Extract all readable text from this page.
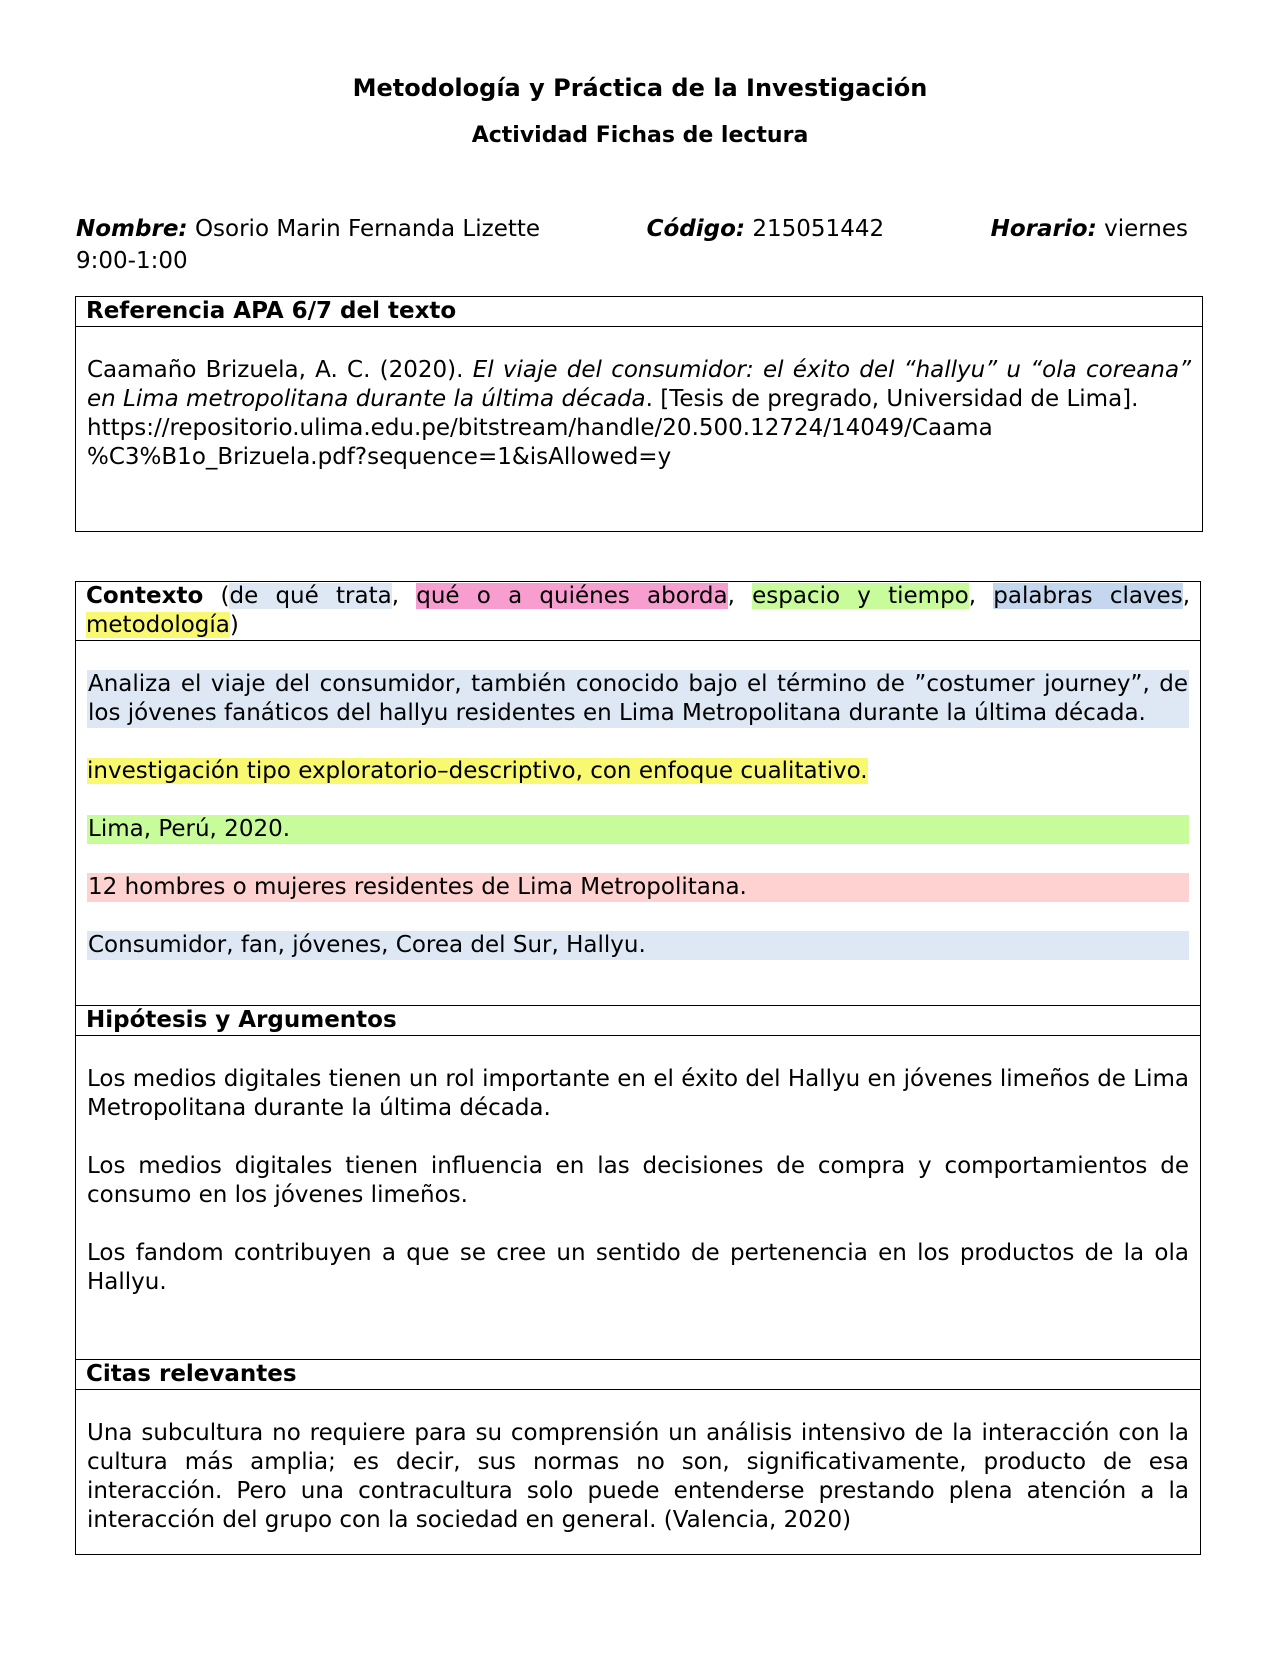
Metodología y Práctica de la Investigación
Actividad Fichas de lectura
Nombre: Osorio Marin Fernanda Lizette	Código: 215051442	Horario: viernes
9:00-1:00
Referencia APA 6/7 del texto

Caamaño Brizuela, A. C. (2020). El viaje del consumidor: el éxito del “hallyu” u “ola coreana” en Lima metropolitana durante la última década. [Tesis de pregrado, Universidad de Lima].

https://repositorio.ulima.edu.pe/bitstream/handle/20.500.12724/14049/Caama
%C3%B1o_Brizuela.pdf?sequence=1&isAllowed=y

Contexto (de qué trata, qué o a quiénes aborda, espacio y tiempo, palabras claves, metodología)

Analiza el viaje del consumidor, también conocido bajo el término de ”costumer journey”, de los jóvenes fanáticos del hallyu residentes en Lima Metropolitana durante la última década.

investigación tipo exploratorio–descriptivo, con enfoque cualitativo.

Lima, Perú, 2020.

12 hombres o mujeres residentes de Lima Metropolitana.

Consumidor, fan, jóvenes, Corea del Sur, Hallyu.

Hipótesis y Argumentos

Los medios digitales tienen un rol importante en el éxito del Hallyu en jóvenes limeños de Lima Metropolitana durante la última década.

Los medios digitales tienen influencia en las decisiones de compra y comportamientos de consumo en los jóvenes limeños.

Los fandom contribuyen a que se cree un sentido de pertenencia en los productos de la ola Hallyu.

Citas relevantes

Una subcultura no requiere para su comprensión un análisis intensivo de la interacción con la cultura más amplia; es decir, sus normas no son, significativamente, producto de esa interacción. Pero una contracultura solo puede entenderse prestando plena atención a la interacción del grupo con la sociedad en general. (Valencia, 2020)
